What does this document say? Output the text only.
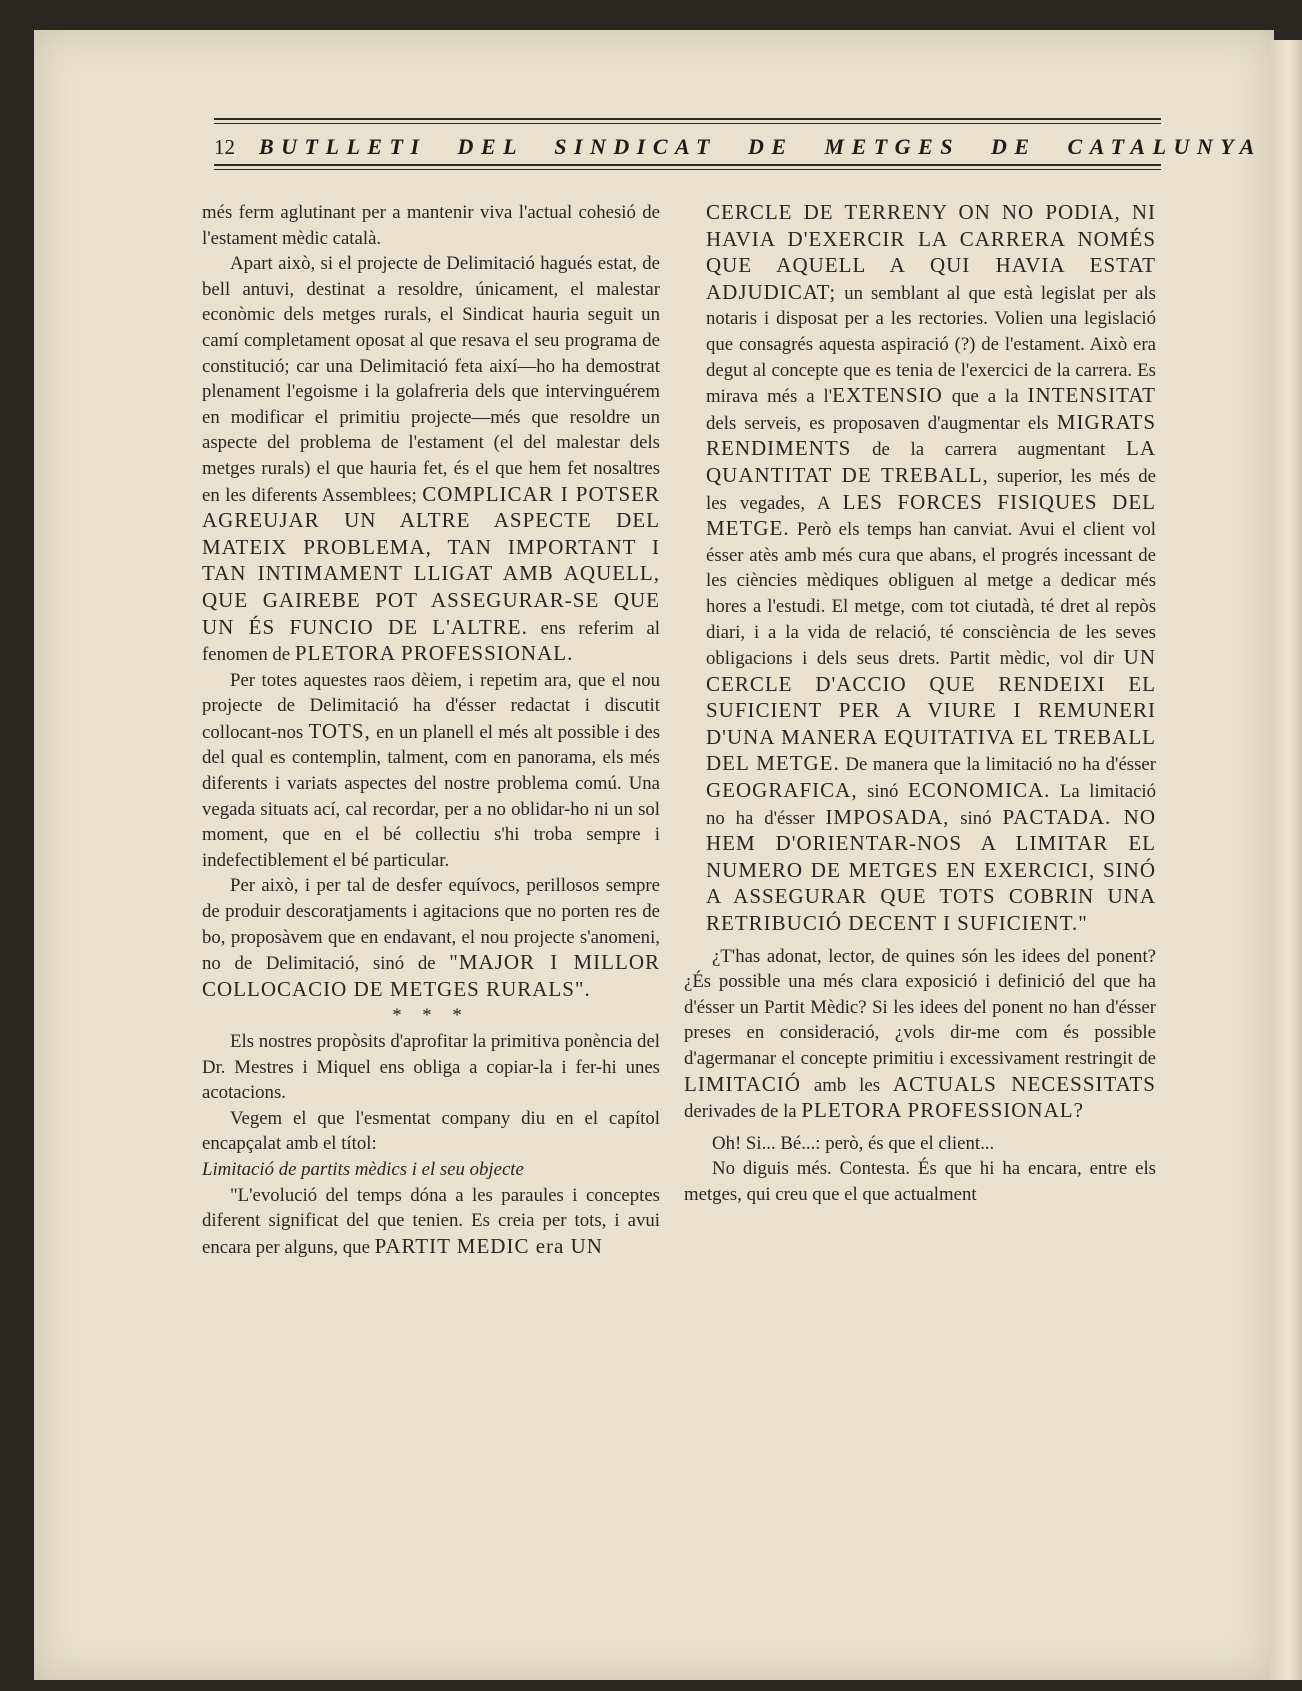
12 BUTLLETI DEL SINDICAT DE METGES DE CATALUNYA

més ferm aglutinant per a mantenir viva l'actual cohesió de l'estament mèdic català.

Apart això, si el projecte de Delimitació hagués estat, de bell antuvi, destinat a resoldre, únicament, el malestar econòmic dels metges rurals, el Sindicat hauria seguit un camí completament oposat al que resava el seu programa de constitució; car una Delimitació feta així—ho ha demostrat plenament l'egoisme i la golafreria dels que intervinguérem en modificar el primitiu projecte—més que resoldre un aspecte del problema de l'estament (el del malestar dels metges rurals) el que hauria fet, és el que hem fet nosaltres en les diferents Assemblees; COMPLICAR I POTSER AGREUJAR UN ALTRE ASPECTE DEL MATEIX PROBLEMA, TAN IMPORTANT I TAN INTIMAMENT LLIGAT AMB AQUELL, QUE GAIREBE POT ASSEGURAR-SE QUE UN ÉS FUNCIO DE L'ALTRE. ens referim al fenomen de PLETORA PROFESSIONAL.

Per totes aquestes raos dèiem, i repetim ara, que el nou projecte de Delimitació ha d'ésser redactat i discutit collocant-nos TOTS, en un planell el més alt possible i des del qual es contemplin, talment, com en panorama, els més diferents i variats aspectes del nostre problema comú. Una vegada situats ací, cal recordar, per a no oblidar-ho ni un sol moment, que en el bé collectiu s'hi troba sempre i indefectiblement el bé particular.

Per això, i per tal de desfer equívocs, perillosos sempre de produir descoratjaments i agitacions que no porten res de bo, proposàvem que en endavant, el nou projecte s'anomeni, no de Delimitació, sinó de "MAJOR I MILLOR COLLOCACIO DE METGES RURALS".

* * *

Els nostres propòsits d'aprofitar la primitiva ponència del Dr. Mestres i Miquel ens obliga a copiar-la i fer-hi unes acotacions.

Vegem el que l'esmentat company diu en el capítol encapçalat amb el títol:

Limitació de partits mèdics i el seu objecte

"L'evolució del temps dóna a les paraules i conceptes diferent significat del que tenien. Es creia per tots, i avui encara per alguns, que PARTIT MEDIC era UN

CERCLE DE TERRENY ON NO PODIA, NI HAVIA D'EXERCIR LA CARRERA NOMÉS QUE AQUELL A QUI HAVIA ESTAT ADJUDICAT; un semblant al que està legislat per als notaris i disposat per a les rectories. Volien una legislació que consagrés aquesta aspiració (?) de l'estament. Això era degut al concepte que es tenia de l'exercici de la carrera. Es mirava més a l'EXTENSIO que a la INTENSITAT dels serveis, es proposaven d'augmentar els MIGRATS RENDIMENTS de la carrera augmentant LA QUANTITAT DE TREBALL, superior, les més de les vegades, A LES FORCES FISIQUES DEL METGE. Però els temps han canviat. Avui el client vol ésser atès amb més cura que abans, el progrés incessant de les ciències mèdiques obliguen al metge a dedicar més hores a l'estudi. El metge, com tot ciutadà, té dret al repòs diari, i a la vida de relació, té consciència de les seves obligacions i dels seus drets. Partit mèdic, vol dir UN CERCLE D'ACCIO QUE RENDEIXI EL SUFICIENT PER A VIURE I REMUNERI D'UNA MANERA EQUITATIVA EL TREBALL DEL METGE. De manera que la limitació no ha d'ésser GEOGRAFICA, sinó ECONOMICA. La limitació no ha d'ésser IMPOSADA, sinó PACTADA. NO HEM D'ORIENTAR-NOS A LIMITAR EL NUMERO DE METGES EN EXERCICI, SINÓ A ASSEGURAR QUE TOTS COBRIN UNA RETRIBUCIÓ DECENT I SUFICIENT."

¿T'has adonat, lector, de quines són les idees del ponent? ¿És possible una més clara exposició i definició del que ha d'ésser un Partit Mèdic? Si les idees del ponent no han d'ésser preses en consideració, ¿vols dir-me com és possible d'agermanar el concepte primitiu i excessivament restringit de LIMITACIÓ amb les ACTUALS NECESSITATS derivades de la PLETORA PROFESSIONAL?

Oh! Si... Bé...: però, és que el client...

No diguis més. Contesta. És que hi ha encara, entre els metges, qui creu que el que actualment
